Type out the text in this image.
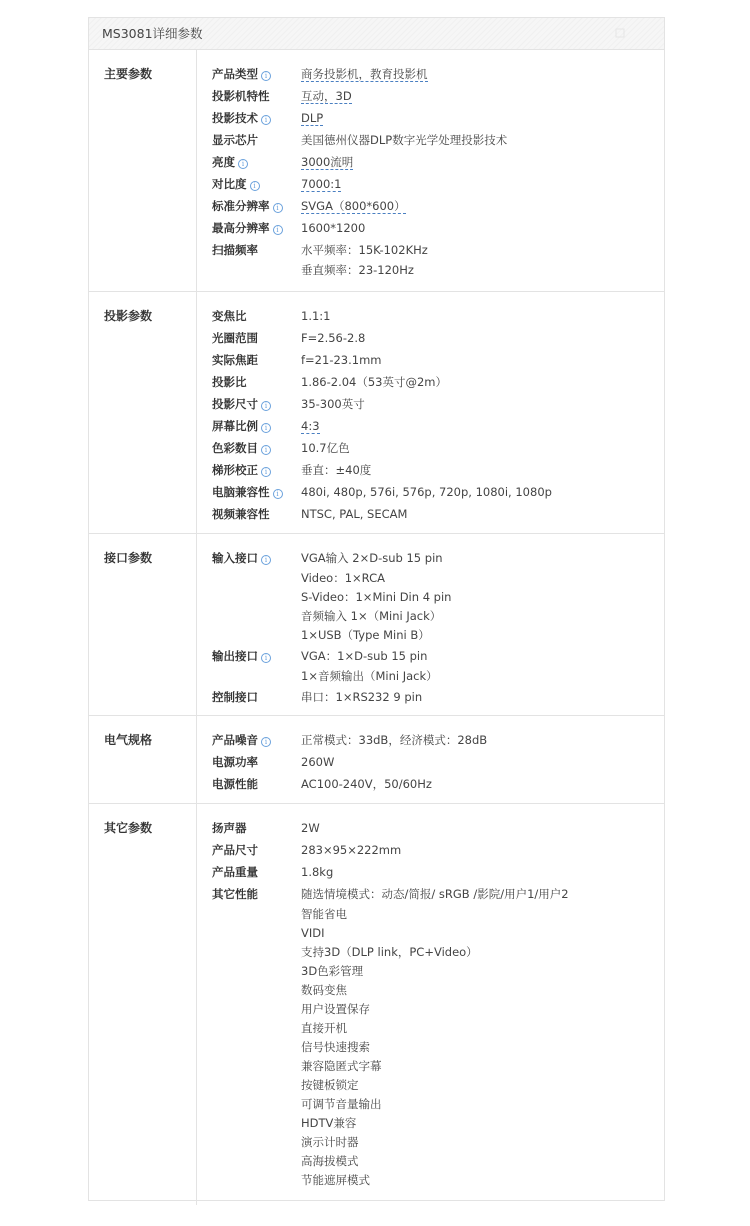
MS3081详细参数
主要参数	产品类型 i	商务投影机，教育投影机
投影机特性	互动，3D
投影技术 i	DLP
显示芯片	美国德州仪器DLP数字光学处理投影技术
亮度 i	3000流明
对比度 i	7000:1
标准分辨率 i	SVGA（800*600）
最高分辨率 i	1600*1200
扫描频率	水平频率：15K-102KHz
垂直频率：23-120Hz
投影参数	变焦比	1.1:1
光圈范围	F=2.56-2.8
实际焦距	f=21-23.1mm
投影比	1.86-2.04（53英寸@2m）
投影尺寸 i	35-300英寸
屏幕比例 i	4:3
色彩数目 i	10.7亿色
梯形校正 i	垂直：±40度
电脑兼容性 i	480i, 480p, 576i, 576p, 720p, 1080i, 1080p
视频兼容性	NTSC, PAL, SECAM
接口参数	输入接口 i	VGA输入 2×D-sub 15 pin
Video：1×RCA
S-Video：1×Mini Din 4 pin
音频输入 1×（Mini Jack）
1×USB（Type Mini B）
输出接口 i	VGA：1×D-sub 15 pin
1×音频输出（Mini Jack）
控制接口	串口：1×RS232 9 pin
电气规格	产品噪音 i	正常模式：33dB，经济模式：28dB
电源功率	260W
电源性能	AC100-240V，50/60Hz
其它参数	扬声器	2W
产品尺寸	283×95×222mm
产品重量	1.8kg
其它性能	随选情境模式：动态/简报/ sRGB /影院/用户1/用户2
智能省电
VIDI
支持3D（DLP link，PC+Video）
3D色彩管理
数码变焦
用户设置保存
直接开机
信号快速搜索
兼容隐匿式字幕
按键板锁定
可调节音量输出
HDTV兼容
演示计时器
高海拔模式
节能遮屏模式
